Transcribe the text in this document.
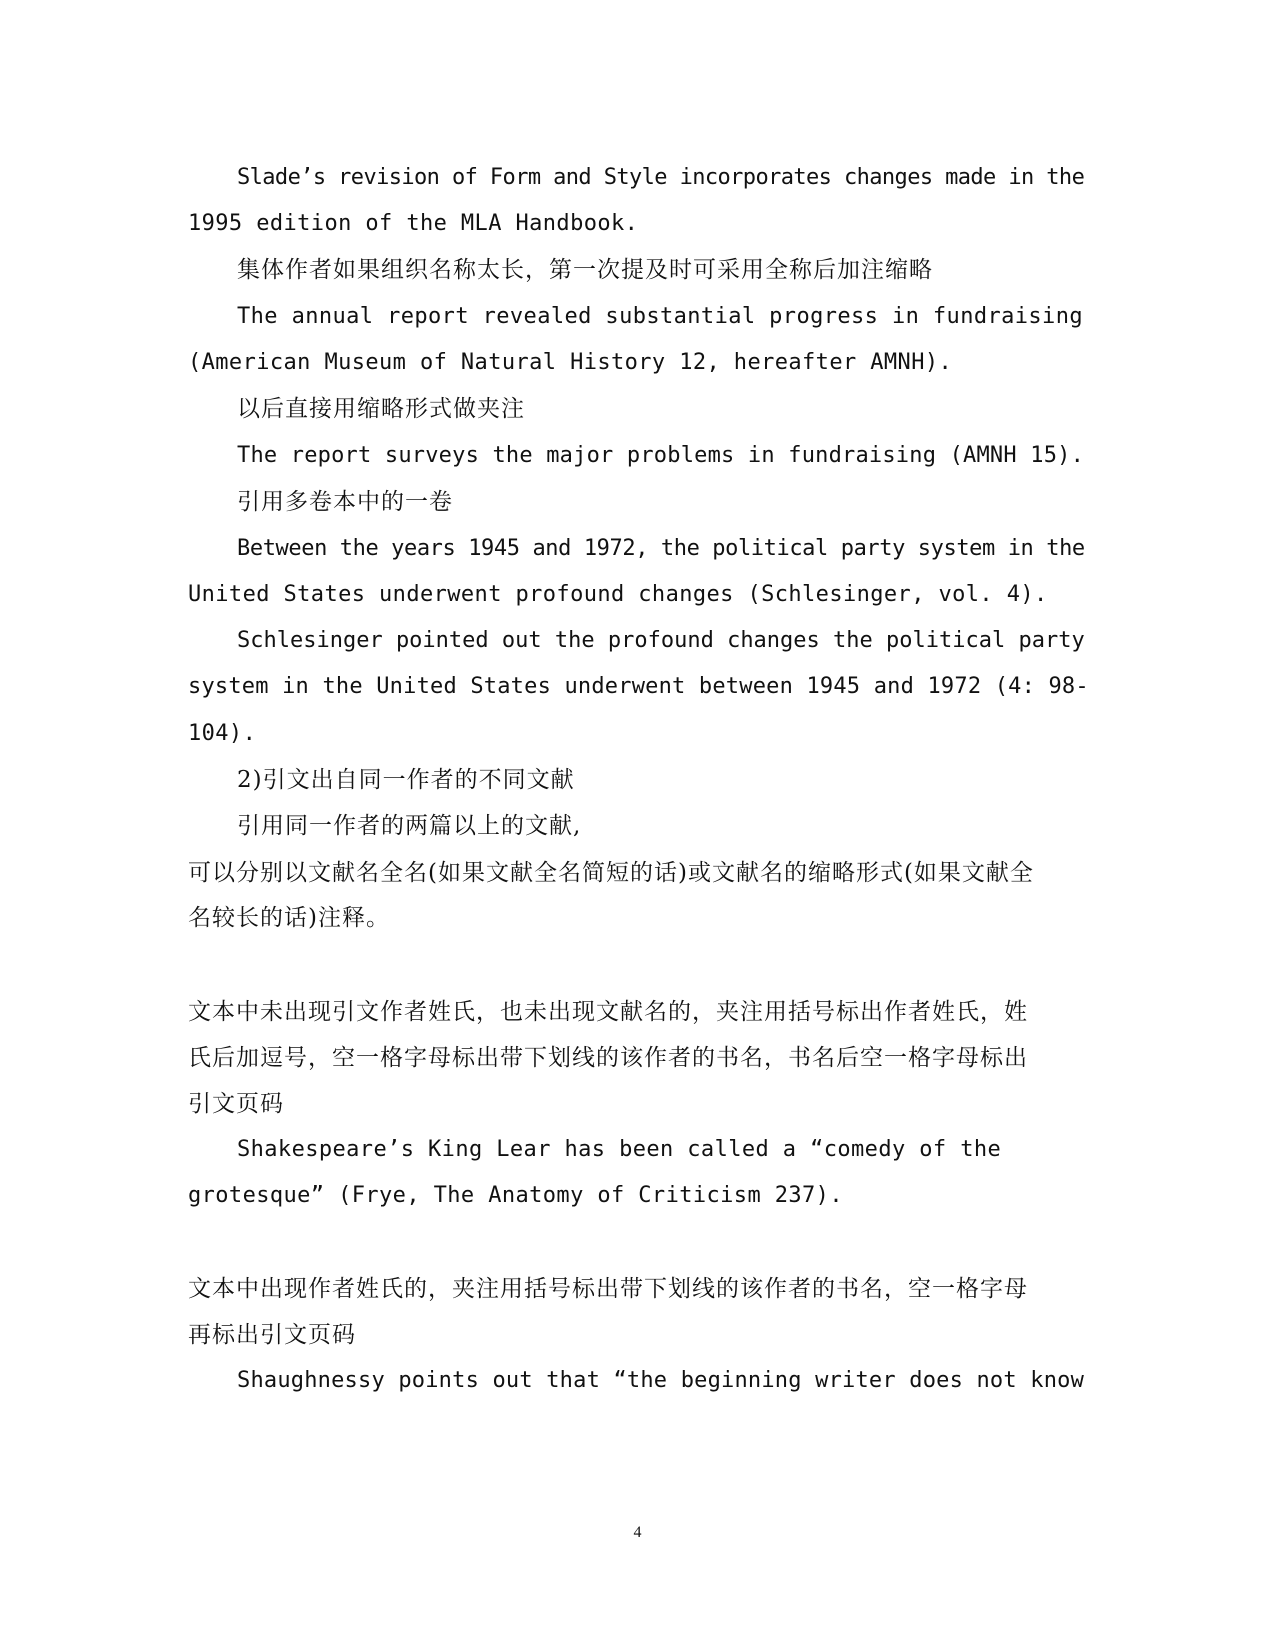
Slade’s revision of Form and Style incorporates changes made in the

1995 edition of the MLA Handbook.

集体作者如果组织名称太长，第一次提及时可采用全称后加注缩略

The annual report revealed substantial progress in fundraising

(American Museum of Natural History 12, hereafter AMNH).

以后直接用缩略形式做夹注

The report surveys the major problems in fundraising (AMNH 15).

引用多卷本中的一卷

Between the years 1945 and 1972, the political party system in the

United States underwent profound changes (Schlesinger, vol. 4).

Schlesinger pointed out the profound changes the political party

system in the United States underwent between 1945 and 1972 (4: 98-

104).

2)引文出自同一作者的不同文献

引用同一作者的两篇以上的文献,

可以分别以文献名全名(如果文献全名简短的话)或文献名的缩略形式(如果文献全

名较长的话)注释。

文本中未出现引文作者姓氏，也未出现文献名的，夹注用括号标出作者姓氏，姓

氏后加逗号，空一格字母标出带下划线的该作者的书名，书名后空一格字母标出

引文页码

Shakespeare’s King Lear has been called a “comedy of the

grotesque” (Frye, The Anatomy of Criticism 237).

文本中出现作者姓氏的，夹注用括号标出带下划线的该作者的书名，空一格字母

再标出引文页码

Shaughnessy points out that “the beginning writer does not know

4
